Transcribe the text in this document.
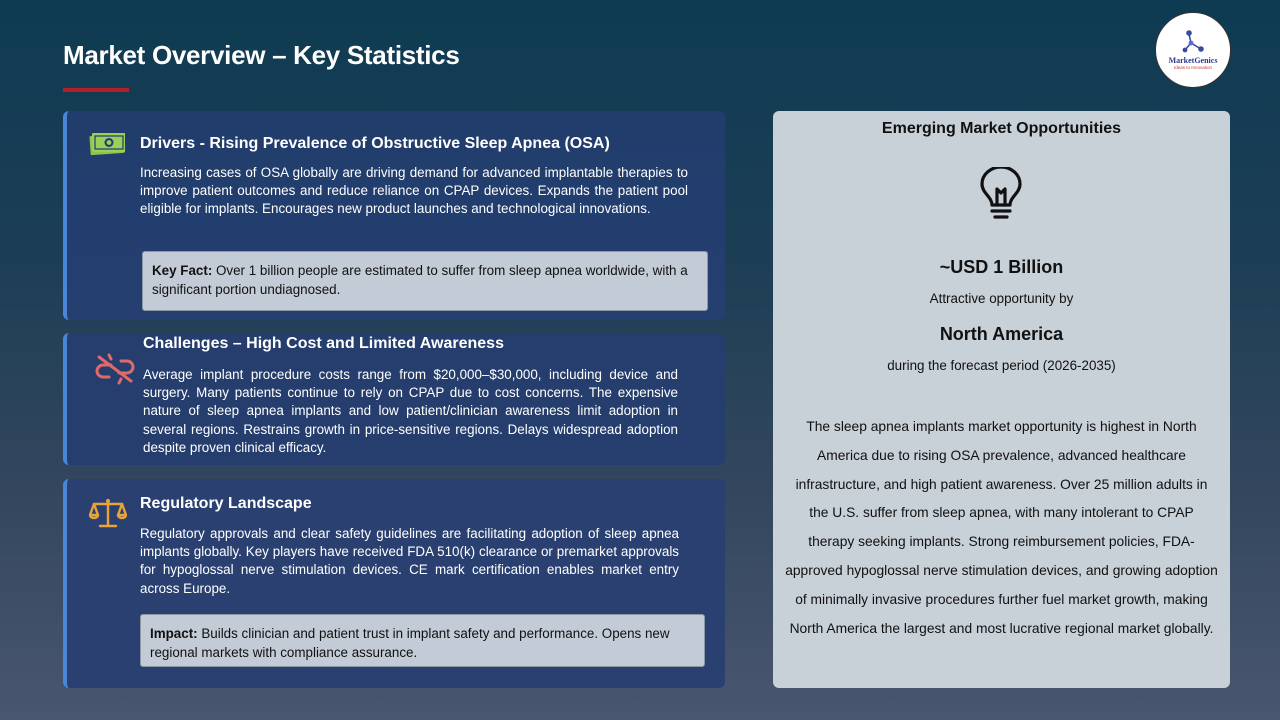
Market Overview – Key Statistics	MarketGenics
Ideas to Innovation
Drivers - Rising Prevalence of Obstructive Sleep Apnea (OSA)
Increasing cases of OSA globally are driving demand for advanced implantable therapies to improve patient outcomes and reduce reliance on CPAP devices. Expands the patient pool eligible for implants. Encourages new product launches and technological innovations.
Key Fact: Over 1 billion people are estimated to suffer from sleep apnea worldwide, with a significant portion undiagnosed.
Challenges – High Cost and Limited Awareness
Average implant procedure costs range from $20,000–$30,000, including device and surgery. Many patients continue to rely on CPAP due to cost concerns. The expensive nature of sleep apnea implants and low patient/clinician awareness limit adoption in several regions. Restrains growth in price-sensitive regions. Delays widespread adoption despite proven clinical efficacy.
Regulatory Landscape
Regulatory approvals and clear safety guidelines are facilitating adoption of sleep apnea implants globally. Key players have received FDA 510(k) clearance or premarket approvals for hypoglossal nerve stimulation devices. CE mark certification enables market entry across Europe.
Impact: Builds clinician and patient trust in implant safety and performance. Opens new regional markets with compliance assurance.
Emerging Market Opportunities
~USD 1 Billion
Attractive opportunity by
North America
during the forecast period (2026-2035)
The sleep apnea implants market opportunity is highest in North America due to rising OSA prevalence, advanced healthcare infrastructure, and high patient awareness. Over 25 million adults in the U.S. suffer from sleep apnea, with many intolerant to CPAP therapy seeking implants. Strong reimbursement policies, FDA-approved hypoglossal nerve stimulation devices, and growing adoption of minimally invasive procedures further fuel market growth, making North America the largest and most lucrative regional market globally.
